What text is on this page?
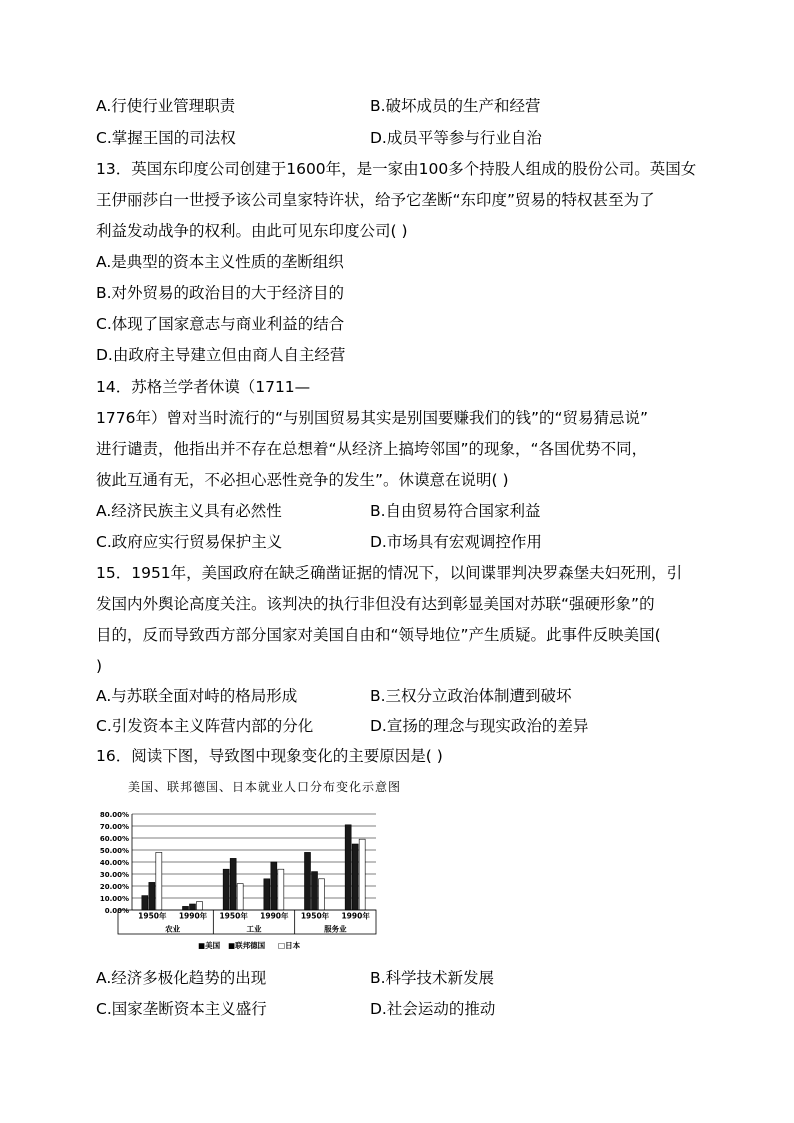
A.行使行业管理职责	B.破坏成员的生产和经营
C.掌握王国的司法权	D.成员平等参与行业自治
13．英国东印度公司创建于1600年，是一家由100多个持股人组成的股份公司。英国女
王伊丽莎白一世授予该公司皇家特许状，给予它垄断“东印度”贸易的特权甚至为了
利益发动战争的权利。由此可见东印度公司( )
A.是典型的资本主义性质的垄断组织
B.对外贸易的政治目的大于经济目的
C.体现了国家意志与商业利益的结合
D.由政府主导建立但由商人自主经营
14．苏格兰学者休谟（1711—
1776年）曾对当时流行的“与别国贸易其实是别国要赚我们的钱”的“贸易猜忌说”
进行谴责，他指出并不存在总想着“从经济上搞垮邻国”的现象，“各国优势不同，
彼此互通有无，不必担心恶性竞争的发生”。休谟意在说明( )
A.经济民族主义具有必然性	B.自由贸易符合国家利益
C.政府应实行贸易保护主义	D.市场具有宏观调控作用
15．1951年，美国政府在缺乏确凿证据的情况下，以间谍罪判决罗森堡夫妇死刑，引
发国内外舆论高度关注。该判决的执行非但没有达到彰显美国对苏联“强硬形象”的
目的，反而导致西方部分国家对美国自由和“领导地位”产生质疑。此事件反映美国(
)
A.与苏联全面对峙的格局形成	B.三权分立政治体制遭到破坏
C.引发资本主义阵营内部的分化	D.宣扬的理念与现实政治的差异
16．阅读下图，导致图中现象变化的主要原因是( )
美国、联邦德国、日本就业人口分布变化示意图
0.00%
10.00%
20.00%
30.00%
40.00%
50.00%
60.00%
70.00%
80.00%
1950年 1990年 1950年 1990年 1950年 1990年
农业	工业	服务业
■美国 ■联邦德国 □日本
A.经济多极化趋势的出现	B.科学技术新发展
C.国家垄断资本主义盛行	D.社会运动的推动
